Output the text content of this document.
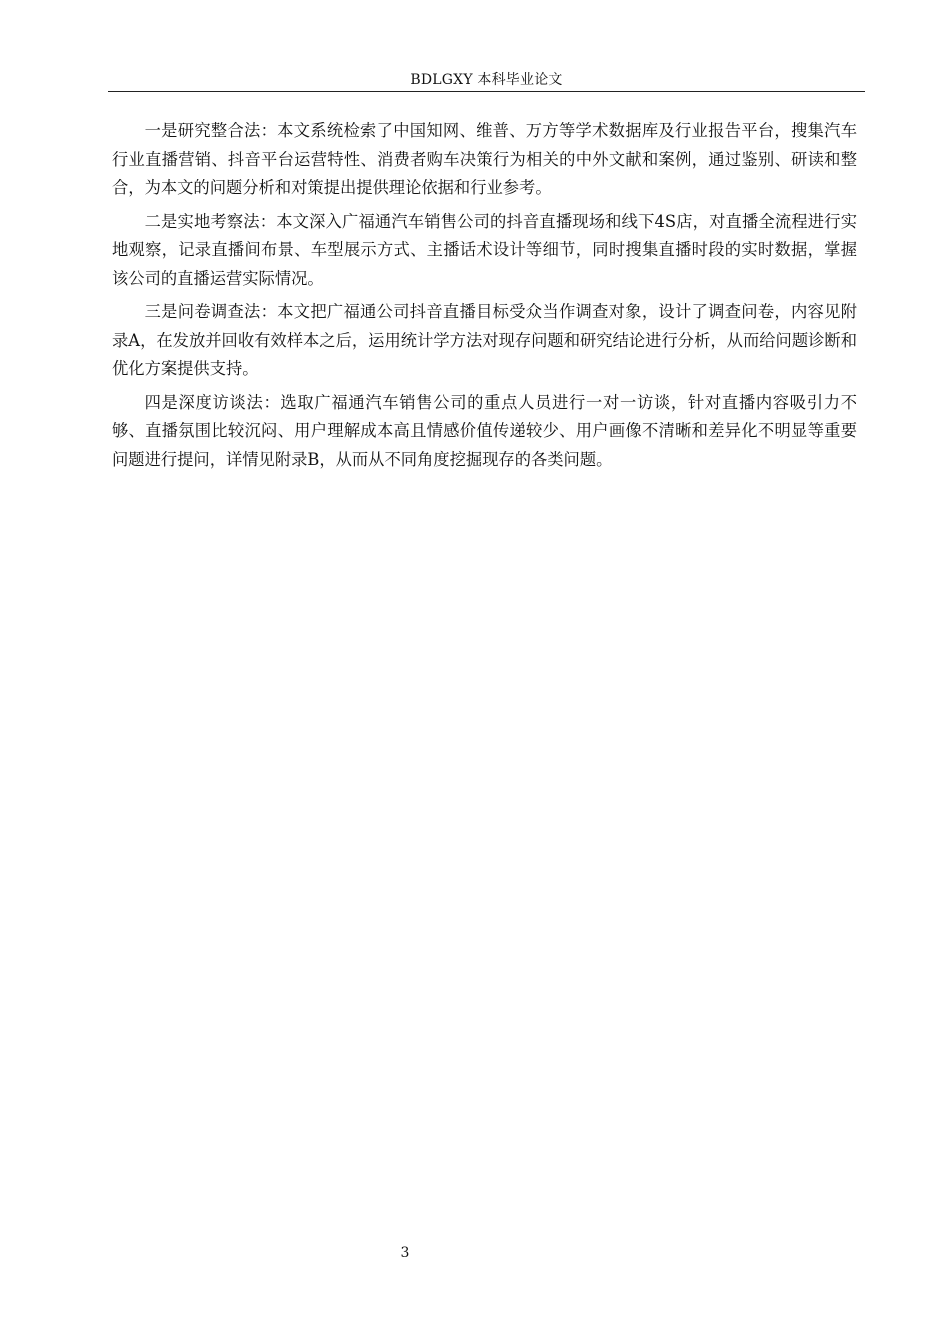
BDLGXY 本科毕业论文

一是研究整合法：本文系统检索了中国知网、维普、万方等学术数据库及行业报告平台，搜集汽车行业直播营销、抖音平台运营特性、消费者购车决策行为相关的中外文献和案例，通过鉴别、研读和整合，为本文的问题分析和对策提出提供理论依据和行业参考。

二是实地考察法：本文深入广福通汽车销售公司的抖音直播现场和线下4S店，对直播全流程进行实地观察，记录直播间布景、车型展示方式、主播话术设计等细节，同时搜集直播时段的实时数据，掌握该公司的直播运营实际情况。

三是问卷调查法：本文把广福通公司抖音直播目标受众当作调查对象，设计了调查问卷，内容见附录A，在发放并回收有效样本之后，运用统计学方法对现存问题和研究结论进行分析，从而给问题诊断和优化方案提供支持。

四是深度访谈法：选取广福通汽车销售公司的重点人员进行一对一访谈，针对直播内容吸引力不够、直播氛围比较沉闷、用户理解成本高且情感价值传递较少、用户画像不清晰和差异化不明显等重要问题进行提问，详情见附录B，从而从不同角度挖掘现存的各类问题。

3
